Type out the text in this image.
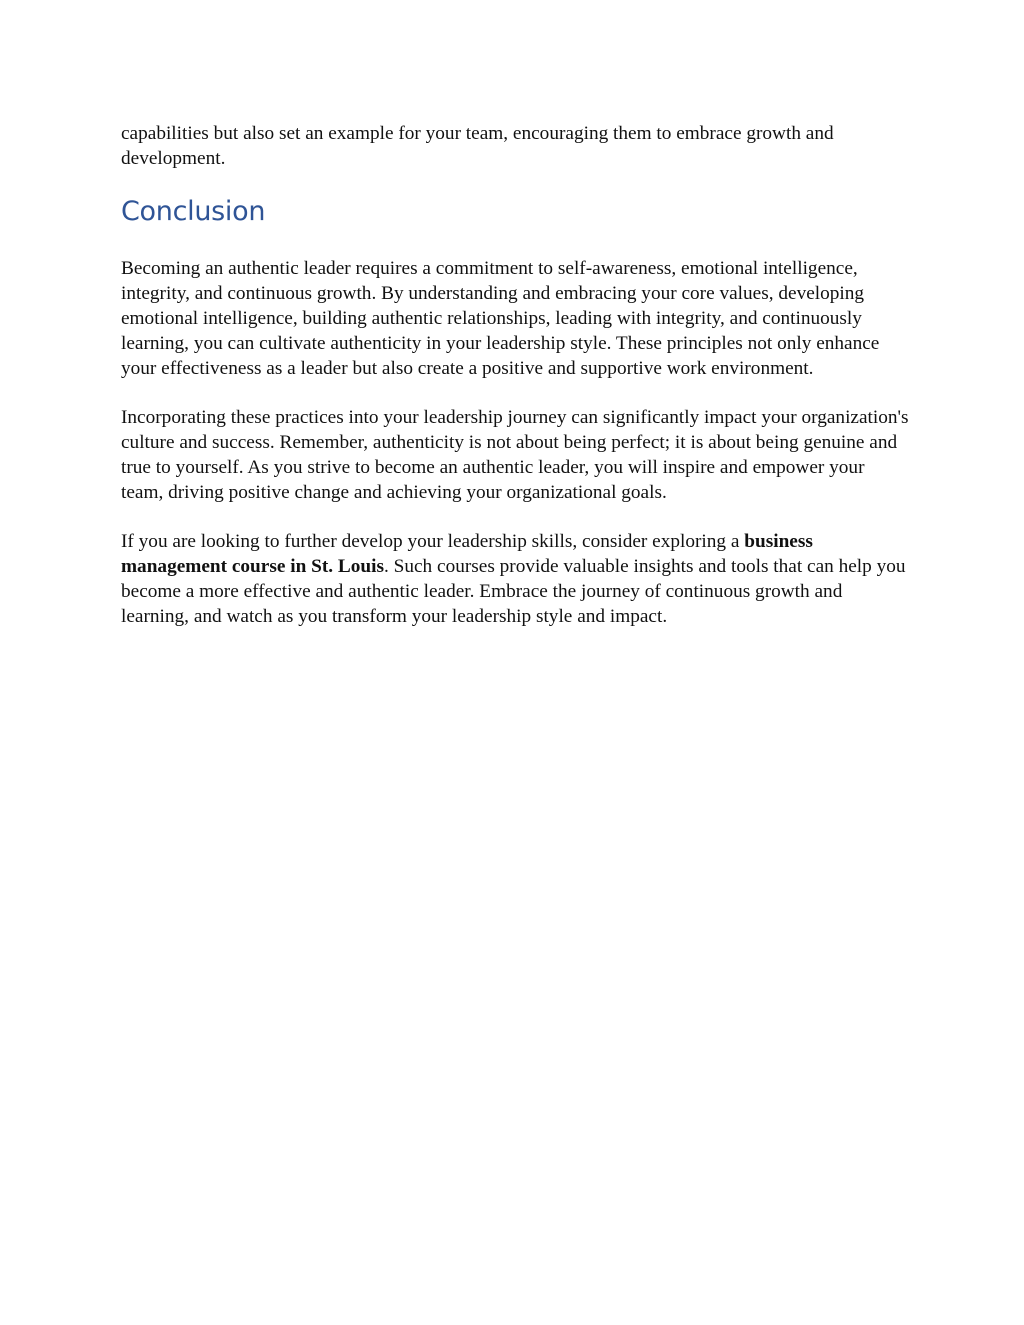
capabilities but also set an example for your team, encouraging them to embrace growth and development.

Conclusion

Becoming an authentic leader requires a commitment to self-awareness, emotional intelligence, integrity, and continuous growth. By understanding and embracing your core values, developing emotional intelligence, building authentic relationships, leading with integrity, and continuously learning, you can cultivate authenticity in your leadership style. These principles not only enhance your effectiveness as a leader but also create a positive and supportive work environment.

Incorporating these practices into your leadership journey can significantly impact your organization's culture and success. Remember, authenticity is not about being perfect; it is about being genuine and true to yourself. As you strive to become an authentic leader, you will inspire and empower your team, driving positive change and achieving your organizational goals.

If you are looking to further develop your leadership skills, consider exploring a business management course in St. Louis. Such courses provide valuable insights and tools that can help you become a more effective and authentic leader. Embrace the journey of continuous growth and learning, and watch as you transform your leadership style and impact.
